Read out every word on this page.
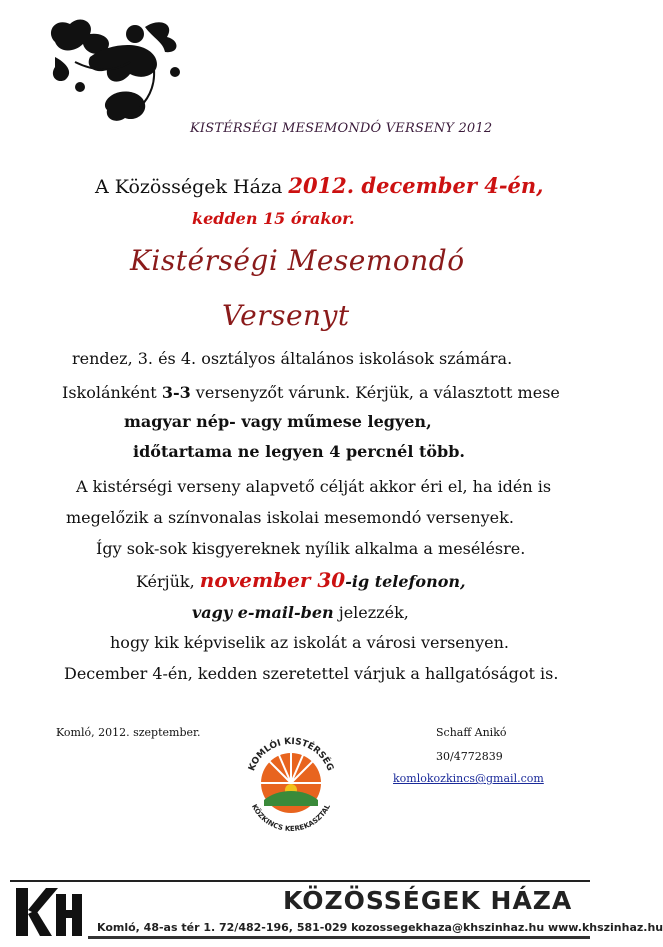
KISTÉRSÉGI MESEMONDÓ VERSENY 2012
A Közösségek Háza 2012. december 4-én,
kedden 15 órakor.
Kistérségi Mesemondó
Versenyt
rendez, 3. és 4. osztályos általános iskolások számára.
Iskolánként 3-3 versenyzőt várunk. Kérjük, a választott mese
magyar nép- vagy műmese legyen,
időtartama ne legyen 4 percnél több.
A kistérségi verseny alapvető célját akkor éri el, ha idén is
megelőzik a színvonalas iskolai mesemondó versenyek.
Így sok-sok kisgyereknek nyílik alkalma a mesélésre.
Kérjük, november 30-ig telefonon,
vagy e-mail-ben jelezzék,
hogy kik képviselik az iskolát a városi versenyen.
December 4-én, kedden szeretettel várjuk a hallgatóságot is.
Komló, 2012. szeptember.	Schaff Anikó
30/4772839
komlokozkincs@gmail.com
KOMLÓI KISTÉRSÉG
KÖZKINCS KEREKASZTAL
KH
KÖZÖSSÉGEK HÁZA
Komló, 48-as tér 1. 72/482-196, 581-029 kozossegekhaza@khszinhaz.hu www.khszinhaz.hu
